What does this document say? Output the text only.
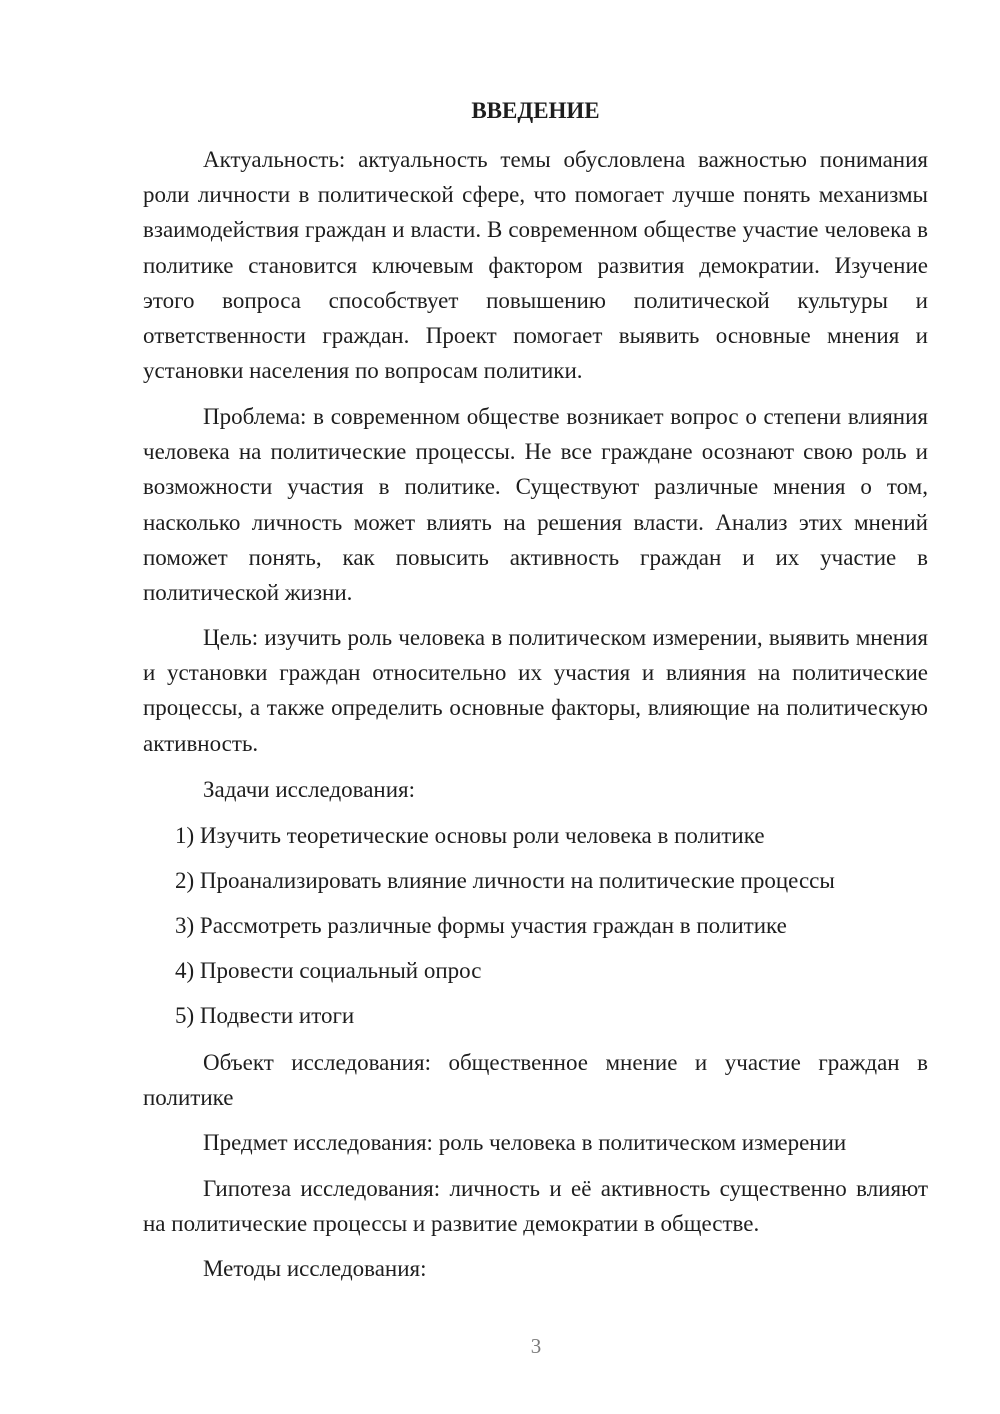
ВВЕДЕНИЕ

Актуальность: актуальность темы обусловлена важностью понимания роли личности в политической сфере, что помогает лучше понять механизмы взаимодействия граждан и власти. В современном обществе участие человека в политике становится ключевым фактором развития демократии. Изучение этого вопроса способствует повышению политической культуры и ответственности граждан. Проект помогает выявить основные мнения и установки населения по вопросам политики.

Проблема: в современном обществе возникает вопрос о степени влияния человека на политические процессы. Не все граждане осознают свою роль и возможности участия в политике. Существуют различные мнения о том, насколько личность может влиять на решения власти. Анализ этих мнений поможет понять, как повысить активность граждан и их участие в политической жизни.

Цель: изучить роль человека в политическом измерении, выявить мнения и установки граждан относительно их участия и влияния на политические процессы, а также определить основные факторы, влияющие на политическую активность.

Задачи исследования:

1) Изучить теоретические основы роли человека в политике

2) Проанализировать влияние личности на политические процессы

3) Рассмотреть различные формы участия граждан в политике

4) Провести социальный опрос

5) Подвести итоги

Объект исследования: общественное мнение и участие граждан в политике

Предмет исследования: роль человека в политическом измерении

Гипотеза исследования: личность и её активность существенно влияют на политические процессы и развитие демократии в обществе.

Методы исследования:

3
